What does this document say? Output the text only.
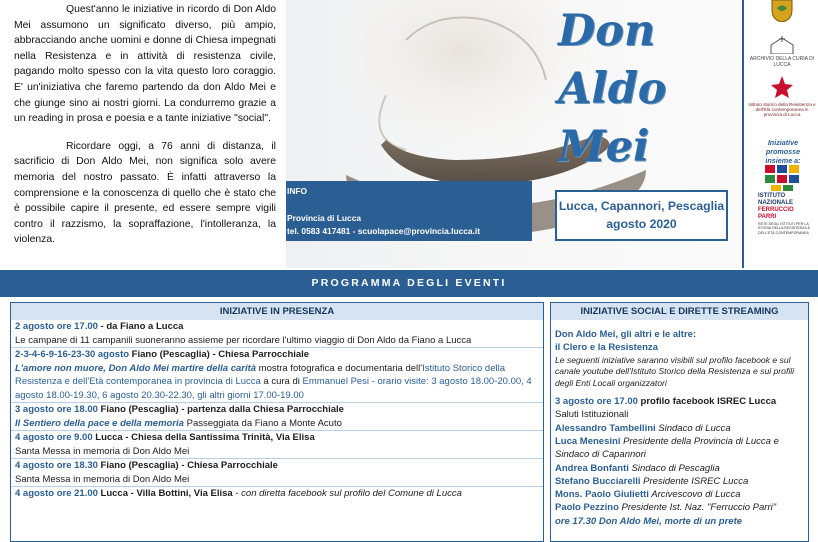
Quest'anno le iniziative in ricordo di Don Aldo Mei assumono un significato diverso, più ampio, abbracciando anche uomini e donne di Chiesa impegnati nella Resistenza e in attività di resistenza civile, pagando molto spesso con la vita questo loro coraggio. E' un'iniziativa che faremo partendo da don Aldo Mei e che giunge sino ai nostri giorni. La condurremo grazie a un reading in prosa e poesia e a tante iniziative "social".

Ricordare oggi, a 76 anni di distanza, il sacrificio di Don Aldo Mei, non significa solo avere memoria del nostro passato. È infatti attraverso la comprensione e la conoscenza di quello che è stato che è possibile capire il presente, ed essere sempre vigili contro il razzismo, la sopraffazione, l'intolleranza, la violenza.

Don
Aldo
Mei
INFO
Provincia di Lucca
tel. 0583 417481 - scuolapace@provincia.lucca.it
Lucca, Capannori, Pescaglia
agosto 2020
ARCHIVIO DELLA CURIA DI LUCCA
Istituto storico della Resistenza e dell'Età contemporanea in provincia di Lucca
Iniziative promosse
insieme a:
ISTITUTO
NAZIONALE
FERRUCCIO
PARRI
RETE DEGLI ISTITUTI PER LA STORIA DELLA RESISTENZA E DELL'ETÀ CONTEMPORANEA
PROGRAMMA DEGLI EVENTI
INIZIATIVE IN PRESENZA
2 agosto ore 17.00 - da Fiano a Lucca
Le campane di 11 campanili suoneranno assieme per ricordare l'ultimo viaggio di Don Aldo da Fiano a Lucca
2-3-4-6-9-16-23-30 agosto Fiano (Pescaglia) - Chiesa Parrocchiale
L'amore non muore, Don Aldo Mei martire della carità mostra fotografica e documentaria dell'Istituto Storico della Resistenza e dell'Età contemporanea in provincia di Lucca a cura di Emmanuel Pesi - orario visite: 3 agosto 18.00-20.00, 4 agosto 18.00-19.30, 6 agosto 20.30-22.30, gli altri giorni 17.00-19.00
3 agosto ore 18.00 Fiano (Pescaglia) - partenza dalla Chiesa Parrocchiale
Il Sentiero della pace e della memoria Passeggiata da Fiano a Monte Acuto
4 agosto ore 9.00 Lucca - Chiesa della Santissima Trinità, Via Elisa
Santa Messa in memoria di Don Aldo Mei
4 agosto ore 18.30 Fiano (Pescaglia) - Chiesa Parrocchiale
Santa Messa in memoria di Don Aldo Mei
4 agosto ore 21.00 Lucca - Villa Bottini, Via Elisa - con diretta facebook sul profilo del Comune di Lucca
INIZIATIVE SOCIAL E DIRETTE STREAMING
Don Aldo Mei, gli altri e le altre:
il Clero e la Resistenza
Le seguenti iniziative saranno visibili sul profilo facebook e sul canale youtube dell'Istituto Storico della Resistenza e sui profili degli Enti Locali organizzatori
3 agosto ore 17.00 profilo facebook ISREC Lucca
Saluti Istituzionali
Alessandro Tambellini Sindaco di Lucca
Luca Menesini Presidente della Provincia di Lucca e Sindaco di Capannori
Andrea Bonfanti Sindaco di Pescaglia
Stefano Bucciarelli Presidente ISREC Lucca
Mons. Paolo Giulietti Arcivescovo di Lucca
Paolo Pezzino Presidente Ist. Naz. "Ferruccio Parri"
ore 17.30 Don Aldo Mei, morte di un prete
